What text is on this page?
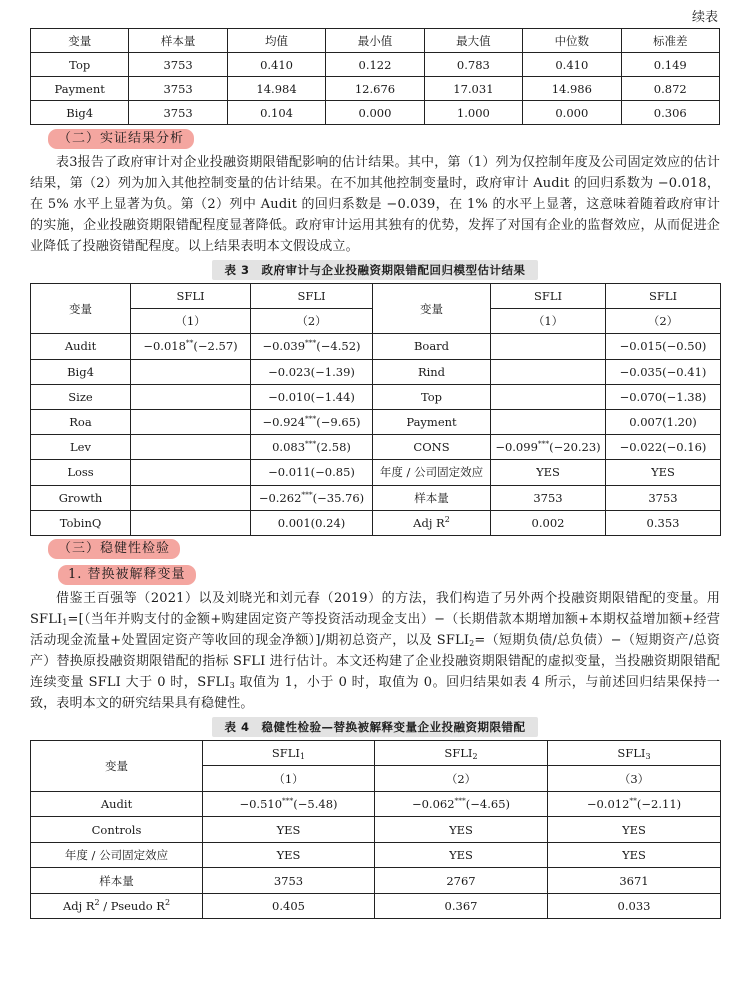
续表
变量	样本量	均值	最小值	最大值	中位数	标准差
Top	3753	0.410	0.122	0.783	0.410	0.149
Payment	3753	14.984	12.676	17.031	14.986	0.872
Big4	3753	0.104	0.000	1.000	0.000	0.306
（二）实证结果分析

表3报告了政府审计对企业投融资期限错配影响的估计结果。其中，第（1）列为仅控制年度及公司固定效应的估计结果，第（2）列为加入其他控制变量的估计结果。在不加其他控制变量时，政府审计 Audit 的回归系数为 −0.018，在 5% 水平上显著为负。第（2）列中 Audit 的回归系数是 −0.039，在 1% 的水平上显著，这意味着随着政府审计的实施，企业投融资期限错配程度显著降低。政府审计运用其独有的优势，发挥了对国有企业的监督效应，从而促进企业降低了投融资错配程度。以上结果表明本文假设成立。

表 3　政府审计与企业投融资期限错配回归模型估计结果
变量	SFLI	SFLI	变量	SFLI	SFLI
	（1）	（2）		（1）	（2）
Audit	−0.018**(−2.57)	−0.039***(−4.52)	Board		−0.015(−0.50)
Big4		−0.023(−1.39)	Rind		−0.035(−0.41)
Size		−0.010(−1.44)	Top		−0.070(−1.38)
Roa		−0.924***(−9.65)	Payment		0.007(1.20)
Lev		0.083***(2.58)	CONS	−0.099***(−20.23)	−0.022(−0.16)
Loss		−0.011(−0.85)	年度 / 公司固定效应	YES	YES
Growth		−0.262***(−35.76)	样本量	3753	3753
TobinQ		0.001(0.24)	Adj $R^2$	0.002	0.353
（三）稳健性检验
1. 替换被解释变量

借鉴王百强等（2021）以及刘晓光和刘元春（2019）的方法，我们构造了另外两个投融资期限错配的变量。用 $SFLI_1=$[（当年并购支付的金额+购建固定资产等投资活动现金支出）−（长期借款本期增加额+本期权益增加额+经营活动现金流量+处置固定资产等收回的现金净额）]/期初总资产，以及 $SFLI_2=$（短期负债/总负债）−（短期资产/总资产）替换原投融资期限错配的指标 SFLI 进行估计。本文还构建了企业投融资期限错配的虚拟变量，当投融资期限错配连续变量 SFLI 大于 0 时，$SFLI_3$ 取值为 1，小于 0 时，取值为 0。回归结果如表 4 所示，与前述回归结果保持一致，表明本文的研究结果具有稳健性。

表 4　稳健性检验—替换被解释变量企业投融资期限错配
变量	$SFLI_1$	$SFLI_2$	$SFLI_3$
	（1）	（2）	（3）
Audit	−0.510***(−5.48)	−0.062***(−4.65)	−0.012**(−2.11)
Controls	YES	YES	YES
年度 / 公司固定效应	YES	YES	YES
样本量	3753	2767	3671
Adj $R^2$ / Pseudo $R^2$	0.405	0.367	0.033
